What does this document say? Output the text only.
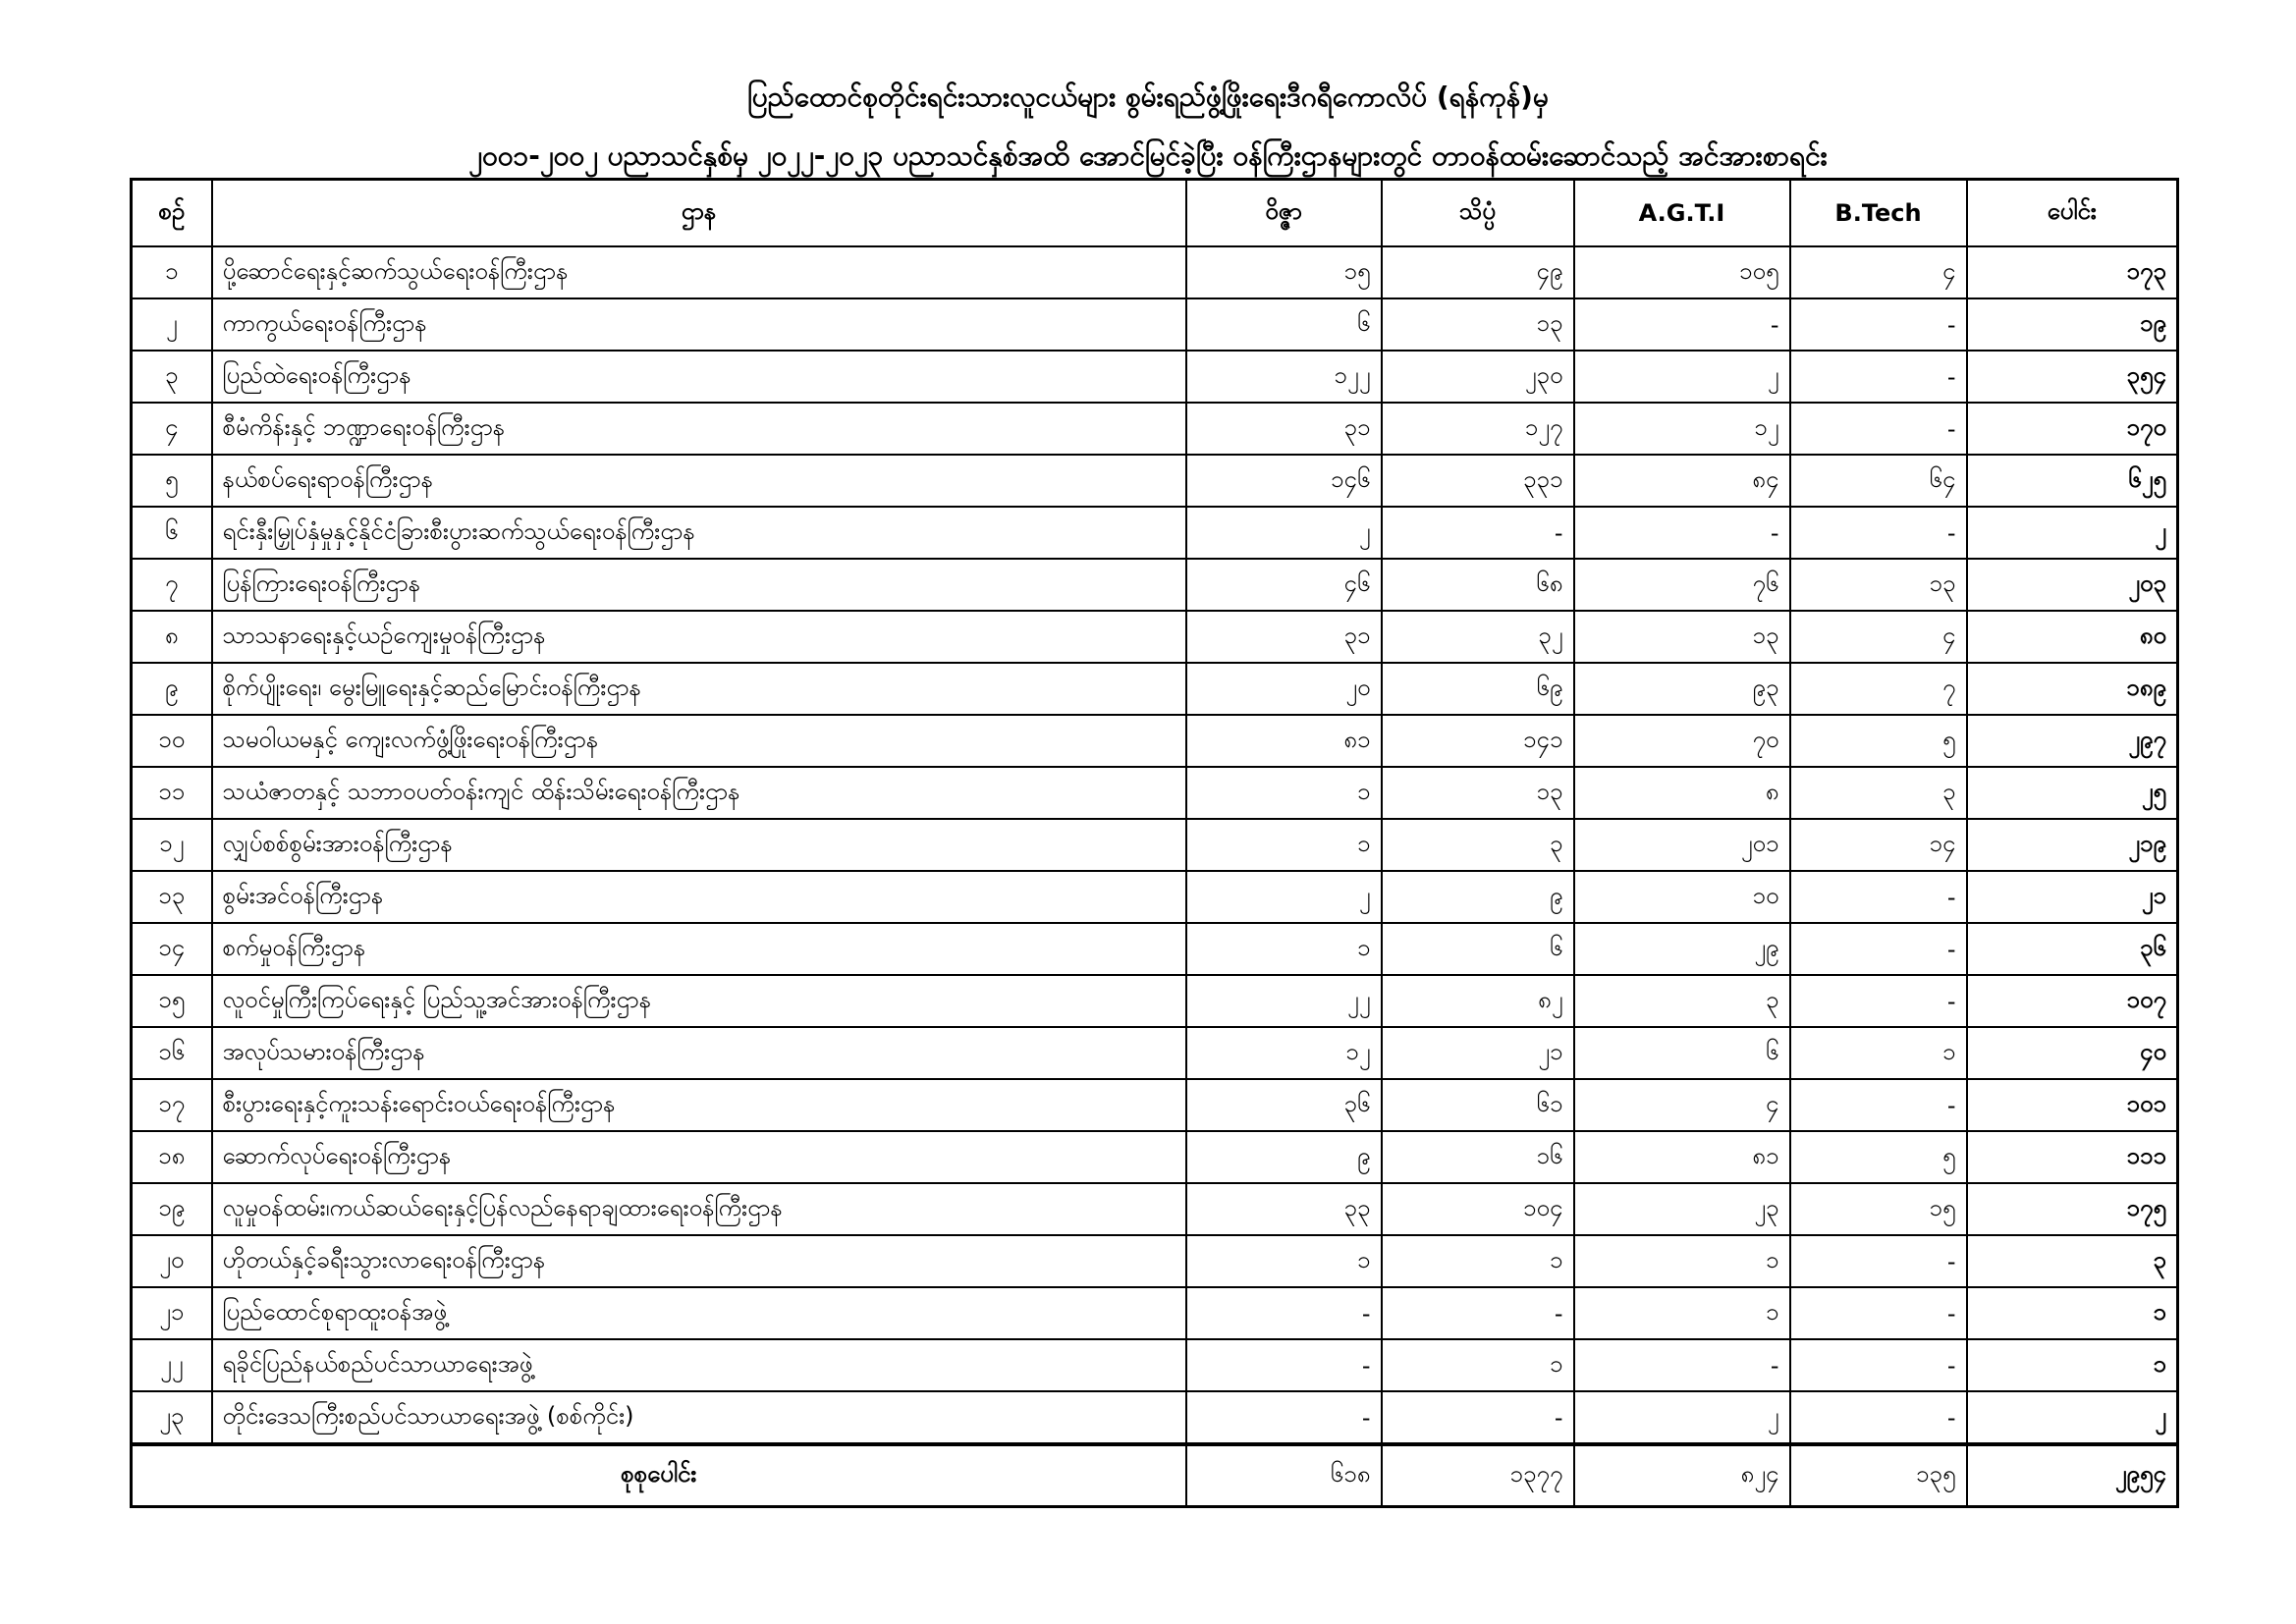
ပြည်ထောင်စုတိုင်းရင်းသားလူငယ်များ စွမ်းရည်ဖွံ့ဖြိုးရေးဒီဂရီကောလိပ် (ရန်ကုန်)မှ
၂၀၀၁-၂၀၀၂ ပညာသင်နှစ်မှ ၂၀၂၂-၂၀၂၃ ပညာသင်နှစ်အထိ အောင်မြင်ခဲ့ပြီး ဝန်ကြီးဌာနများတွင် တာဝန်ထမ်းဆောင်သည့် အင်အားစာရင်း
စဉ်	ဌာန	ဝိဇ္ဇာ	သိပ္ပံ	A.G.T.I	B.Tech	ပေါင်း
၁	ပို့ဆောင်ရေးနှင့်ဆက်သွယ်ရေးဝန်ကြီးဌာန	၁၅	၄၉	၁၀၅	၄	၁၇၃
၂	ကာကွယ်ရေးဝန်ကြီးဌာန	၆	၁၃	-	-	၁၉
၃	ပြည်ထဲရေးဝန်ကြီးဌာန	၁၂၂	၂၃၀	၂	-	၃၅၄
၄	စီမံကိန်းနှင့် ဘဏ္ဍာရေးဝန်ကြီးဌာန	၃၁	၁၂၇	၁၂	-	၁၇၀
၅	နယ်စပ်ရေးရာဝန်ကြီးဌာန	၁၄၆	၃၃၁	၈၄	၆၄	၆၂၅
၆	ရင်းနှီးမြှုပ်နှံမှုနှင့်နိုင်ငံခြားစီးပွားဆက်သွယ်ရေးဝန်ကြီးဌာန	၂	-	-	-	၂
၇	ပြန်ကြားရေးဝန်ကြီးဌာန	၄၆	၆၈	၇၆	၁၃	၂၀၃
၈	သာသနာရေးနှင့်ယဉ်ကျေးမှုဝန်ကြီးဌာန	၃၁	၃၂	၁၃	၄	၈၀
၉	စိုက်ပျိုးရေး၊ မွေးမြူရေးနှင့်ဆည်မြောင်းဝန်ကြီးဌာန	၂၀	၆၉	၉၃	၇	၁၈၉
၁၀	သမဝါယမနှင့် ကျေးလက်ဖွံ့ဖြိုးရေးဝန်ကြီးဌာန	၈၁	၁၄၁	၇၀	၅	၂၉၇
၁၁	သယံဇာတနှင့် သဘာဝပတ်ဝန်းကျင် ထိန်းသိမ်းရေးဝန်ကြီးဌာန	၁	၁၃	၈	၃	၂၅
၁၂	လျှပ်စစ်စွမ်းအားဝန်ကြီးဌာန	၁	၃	၂၀၁	၁၄	၂၁၉
၁၃	စွမ်းအင်ဝန်ကြီးဌာန	၂	၉	၁၀	-	၂၁
၁၄	စက်မှုဝန်ကြီးဌာန	၁	၆	၂၉	-	၃၆
၁၅	လူဝင်မှုကြီးကြပ်ရေးနှင့် ပြည်သူ့အင်အားဝန်ကြီးဌာန	၂၂	၈၂	၃	-	၁၀၇
၁၆	အလုပ်သမားဝန်ကြီးဌာန	၁၂	၂၁	၆	၁	၄၀
၁၇	စီးပွားရေးနှင့်ကူးသန်းရောင်းဝယ်ရေးဝန်ကြီးဌာန	၃၆	၆၁	၄	-	၁၀၁
၁၈	ဆောက်လုပ်ရေးဝန်ကြီးဌာန	၉	၁၆	၈၁	၅	၁၁၁
၁၉	လူမှုဝန်ထမ်း၊ကယ်ဆယ်ရေးနှင့်ပြန်လည်နေရာချထားရေးဝန်ကြီးဌာန	၃၃	၁၀၄	၂၃	၁၅	၁၇၅
၂၀	ဟိုတယ်နှင့်ခရီးသွားလာရေးဝန်ကြီးဌာန	၁	၁	၁	-	၃
၂၁	ပြည်ထောင်စုရာထူးဝန်အဖွဲ့	-	-	၁	-	၁
၂၂	ရခိုင်ပြည်နယ်စည်ပင်သာယာရေးအဖွဲ့	-	၁	-	-	၁
၂၃	တိုင်းဒေသကြီးစည်ပင်သာယာရေးအဖွဲ့ (စစ်ကိုင်း)	-	-	၂	-	၂
စုစုပေါင်း		၆၁၈	၁၃၇၇	၈၂၄	၁၃၅	၂၉၅၄
